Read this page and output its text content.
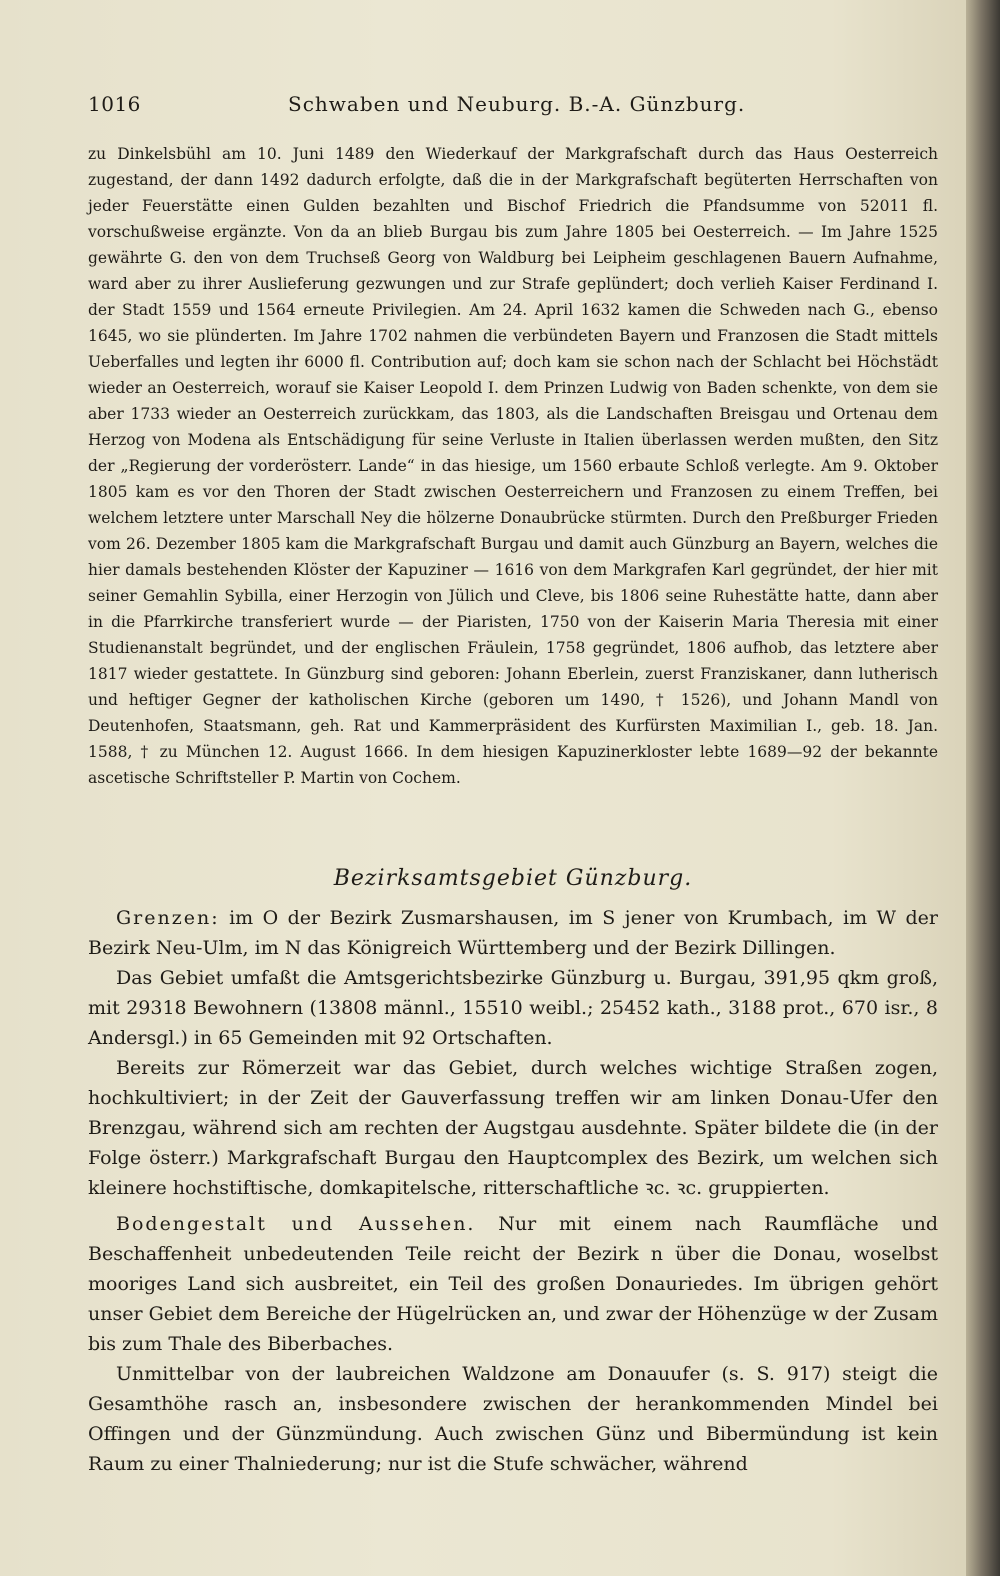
1016	Schwaben und Neuburg. B.-A. Günzburg.
zu Dinkelsbühl am 10. Juni 1489 den Wiederkauf der Markgrafschaft durch das Haus Oesterreich zugestand, der dann 1492 dadurch erfolgte, daß die in der Markgrafschaft begüterten Herrschaften von jeder Feuerstätte einen Gulden bezahlten und Bischof Friedrich die Pfandsumme von 52011 fl. vorschußweise ergänzte. Von da an blieb Burgau bis zum Jahre 1805 bei Oesterreich. — Im Jahre 1525 gewährte G. den von dem Truchseß Georg von Waldburg bei Leipheim geschlagenen Bauern Aufnahme, ward aber zu ihrer Auslieferung gezwungen und zur Strafe geplündert; doch verlieh Kaiser Ferdinand I. der Stadt 1559 und 1564 erneute Privilegien. Am 24. April 1632 kamen die Schweden nach G., ebenso 1645, wo sie plünderten. Im Jahre 1702 nahmen die verbündeten Bayern und Franzosen die Stadt mittels Ueberfalles und legten ihr 6000 fl. Contribution auf; doch kam sie schon nach der Schlacht bei Höchstädt wieder an Oesterreich, worauf sie Kaiser Leopold I. dem Prinzen Ludwig von Baden schenkte, von dem sie aber 1733 wieder an Oesterreich zurückkam, das 1803, als die Landschaften Breisgau und Ortenau dem Herzog von Modena als Entschädigung für seine Verluste in Italien überlassen werden mußten, den Sitz der „Regierung der vorderösterr. Lande“ in das hiesige, um 1560 erbaute Schloß verlegte. Am 9. Oktober 1805 kam es vor den Thoren der Stadt zwischen Oesterreichern und Franzosen zu einem Treffen, bei welchem letztere unter Marschall Ney die hölzerne Donaubrücke stürmten. Durch den Preßburger Frieden vom 26. Dezember 1805 kam die Markgrafschaft Burgau und damit auch Günzburg an Bayern, welches die hier damals bestehenden Klöster der Kapuziner — 1616 von dem Markgrafen Karl gegründet, der hier mit seiner Gemahlin Sybilla, einer Herzogin von Jülich und Cleve, bis 1806 seine Ruhestätte hatte, dann aber in die Pfarrkirche transferiert wurde — der Piaristen, 1750 von der Kaiserin Maria Theresia mit einer Studienanstalt begründet, und der englischen Fräulein, 1758 gegründet, 1806 aufhob, das letztere aber 1817 wieder gestattete. In Günzburg sind geboren: Johann Eberlein, zuerst Franziskaner, dann lutherisch und heftiger Gegner der katholischen Kirche (geboren um 1490, † 1526), und Johann Mandl von Deutenhofen, Staatsmann, geh. Rat und Kammerpräsident des Kurfürsten Maximilian I., geb. 18. Jan. 1588, † zu München 12. August 1666. In dem hiesigen Kapuzinerkloster lebte 1689—92 der bekannte ascetische Schriftsteller P. Martin von Cochem.
Bezirksamtsgebiet Günzburg.

Grenzen: im O der Bezirk Zusmarshausen, im S jener von Krumbach, im W der Bezirk Neu-Ulm, im N das Königreich Württemberg und der Bezirk Dillingen.

Das Gebiet umfaßt die Amtsgerichtsbezirke Günzburg u. Burgau, 391,95 qkm groß, mit 29318 Bewohnern (13808 männl., 15510 weibl.; 25452 kath., 3188 prot., 670 isr., 8 Andersgl.) in 65 Gemeinden mit 92 Ortschaften.

Bereits zur Römerzeit war das Gebiet, durch welches wichtige Straßen zogen, hochkultiviert; in der Zeit der Gauverfassung treffen wir am linken Donau-Ufer den Brenzgau, während sich am rechten der Augstgau ausdehnte. Später bildete die (in der Folge österr.) Markgrafschaft Burgau den Hauptcomplex des Bezirk, um welchen sich kleinere hochstiftische, domkapitelsche, ritterschaftliche ꝛc. ꝛc. gruppierten.

Bodengestalt und Aussehen. Nur mit einem nach Raumfläche und Beschaffenheit unbedeutenden Teile reicht der Bezirk n über die Donau, woselbst mooriges Land sich ausbreitet, ein Teil des großen Donauriedes. Im übrigen gehört unser Gebiet dem Bereiche der Hügelrücken an, und zwar der Höhenzüge w der Zusam bis zum Thale des Biberbaches.

Unmittelbar von der laubreichen Waldzone am Donauufer (s. S. 917) steigt die Gesamthöhe rasch an, insbesondere zwischen der herankommenden Mindel bei Offingen und der Günzmündung. Auch zwischen Günz und Bibermündung ist kein Raum zu einer Thalniederung; nur ist die Stufe schwächer, während
